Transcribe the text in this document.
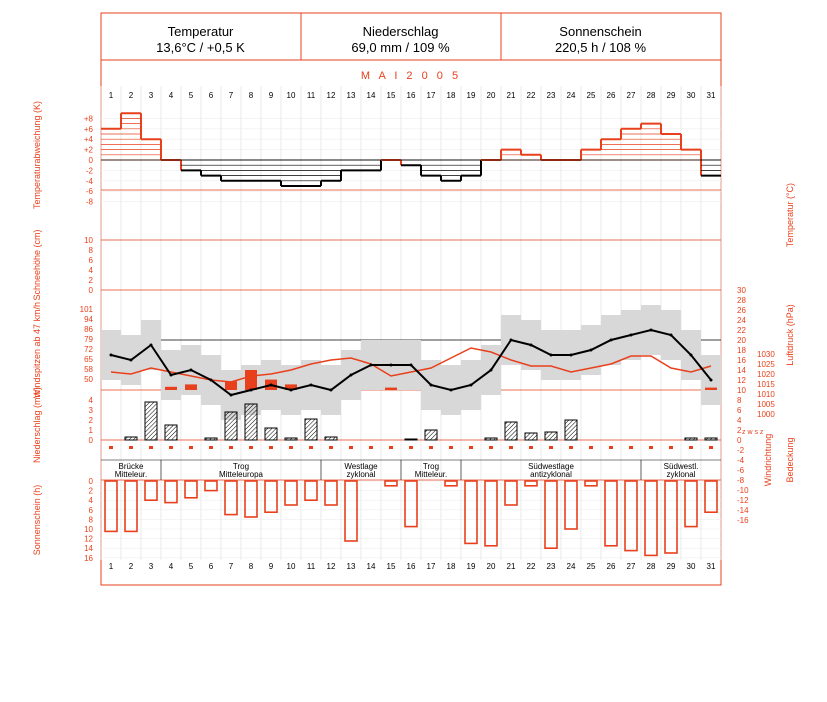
M A I 2 0 0 5
1
1
2
2
3
3
4
4
5
5
6
6
7
7
8
8
9
9
10
10
11
11
12
12
13
13
14
14
15
15
16
16
17
17
18
18
19
19
20
20
21
21
22
22
23
23
24
24
25
25
26
26
27
27
28
28
29
29
30
30
31
31
+8
+6
+4
+2
0
-2
-4
-6
-8
30
28
26
24
22
20
18
16
14
12
10
8
6
4
2
0
-2
-4
-6
-8
-10
-12
-14
-16
1030
1025
1020
1015
1010
1005
1000
10
8
6
4
2
0
101
94
86
79
72
65
58
50
4
3
2
1
0
z w s z
Brücke
Mitteleur.
Trog
Mitteleuropa
Westlage
zyklonal
Trog
Mitteleur.
Südwestlage
antizyklonal
Südwestl.
zyklonal
0
2
4
6
8
10
12
14
16
Temperaturabweichung (K)
Schneehöhe (cm)
Windspitzen ab 47 km/h
Niederschlag (mm)
Sonnenschein (h)
Temperatur (°C)
Luftdruck (hPa)
Windrichtung Bedeckung
Temperatur
13,6°C / +0,5 K
Niederschlag
69,0 mm / 109 %
Sonnenschein
220,5 h / 108 %
